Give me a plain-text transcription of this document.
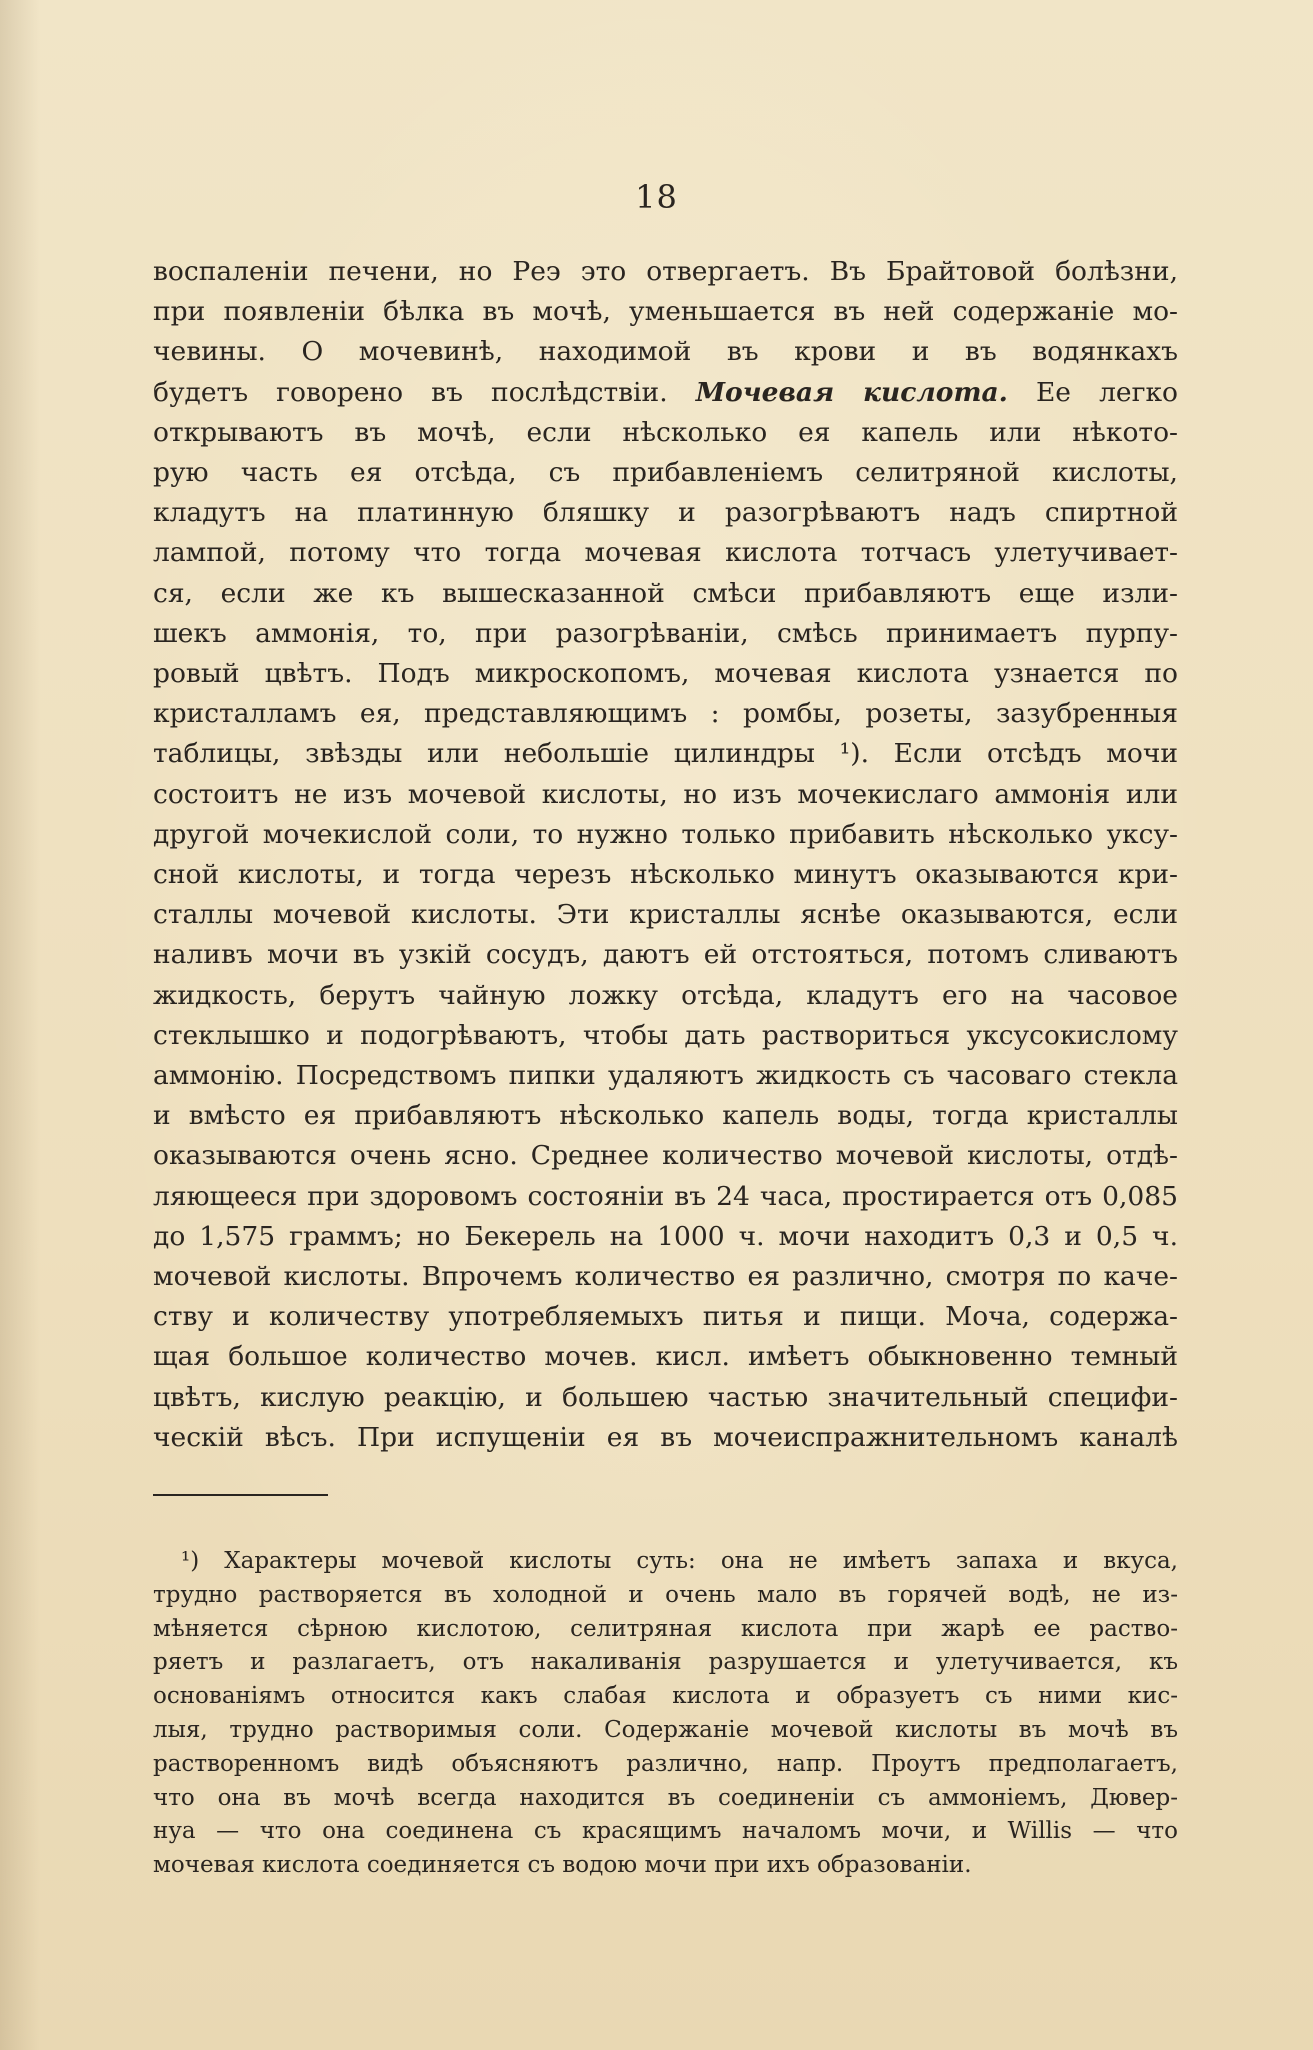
18
воспаленіи печени, но Реэ это отвергаетъ. Въ Брайтовой болѣзни,
при появленіи бѣлка въ мочѣ, уменьшается въ ней содержаніе мо-
чевины. О мочевинѣ, находимой въ крови и въ водянкахъ
будетъ говорено въ послѣдствіи. Мочевая кислота. Ее легко
открываютъ въ мочѣ, если нѣсколько ея капель или нѣкото-
рую часть ея отсѣда, съ прибавленіемъ селитряной кислоты,
кладутъ на платинную бляшку и разогрѣваютъ надъ спиртной
лампой, потому что тогда мочевая кислота тотчасъ улетучивает-
ся, если же къ вышесказанной смѣси прибавляютъ еще изли-
шекъ аммонія, то, при разогрѣваніи, смѣсь принимаетъ пурпу-
ровый цвѣтъ. Подъ микроскопомъ, мочевая кислота узнается по
кристалламъ ея, представляющимъ : ромбы, розеты, зазубренныя
таблицы, звѣзды или небольшіе цилиндры ¹). Если отсѣдъ мочи
состоитъ не изъ мочевой кислоты, но изъ мочекислаго аммонія или
другой мочекислой соли, то нужно только прибавить нѣсколько уксу-
сной кислоты, и тогда черезъ нѣсколько минутъ оказываются кри-
сталлы мочевой кислоты. Эти кристаллы яснѣе оказываются, если
наливъ мочи въ узкій сосудъ, даютъ ей отстояться, потомъ сливаютъ
жидкость, берутъ чайную ложку отсѣда, кладутъ его на часовое
стеклышко и подогрѣваютъ, чтобы дать раствориться уксусокислому
аммонію. Посредствомъ пипки удаляютъ жидкость съ часоваго стекла
и вмѣсто ея прибавляютъ нѣсколько капель воды, тогда кристаллы
оказываются очень ясно. Среднее количество мочевой кислоты, отдѣ-
ляющееся при здоровомъ состояніи въ 24 часа, простирается отъ 0,085
до 1,575 граммъ; но Бекерель на 1000 ч. мочи находитъ 0,3 и 0,5 ч.
мочевой кислоты. Впрочемъ количество ея различно, смотря по каче-
ству и количеству употребляемыхъ питья и пищи. Моча, содержа-
щая большое количество мочев. кисл. имѣетъ обыкновенно темный
цвѣтъ, кислую реакцію, и большею частью значительный специфи-
ческій вѣсъ. При испущеніи ея въ мочеиспражнительномъ каналѣ
¹) Характеры мочевой кислоты суть: она не имѣетъ запаха и вкуса,
трудно растворяется въ холодной и очень мало въ горячей водѣ, не из-
мѣняется сѣрною кислотою, селитряная кислота при жарѣ ее раство-
ряетъ и разлагаетъ, отъ накаливанія разрушается и улетучивается, къ
основаніямъ относится какъ слабая кислота и образуетъ съ ними кис-
лыя, трудно растворимыя соли. Содержаніе мочевой кислоты въ мочѣ въ
растворенномъ видѣ объясняютъ различно, напр. Проутъ предполагаетъ,
что она въ мочѣ всегда находится въ соединеніи съ аммоніемъ, Дювер-
нуа — что она соединена съ красящимъ началомъ мочи, и Willis — что
мочевая кислота соединяется съ водою мочи при ихъ образованіи.
